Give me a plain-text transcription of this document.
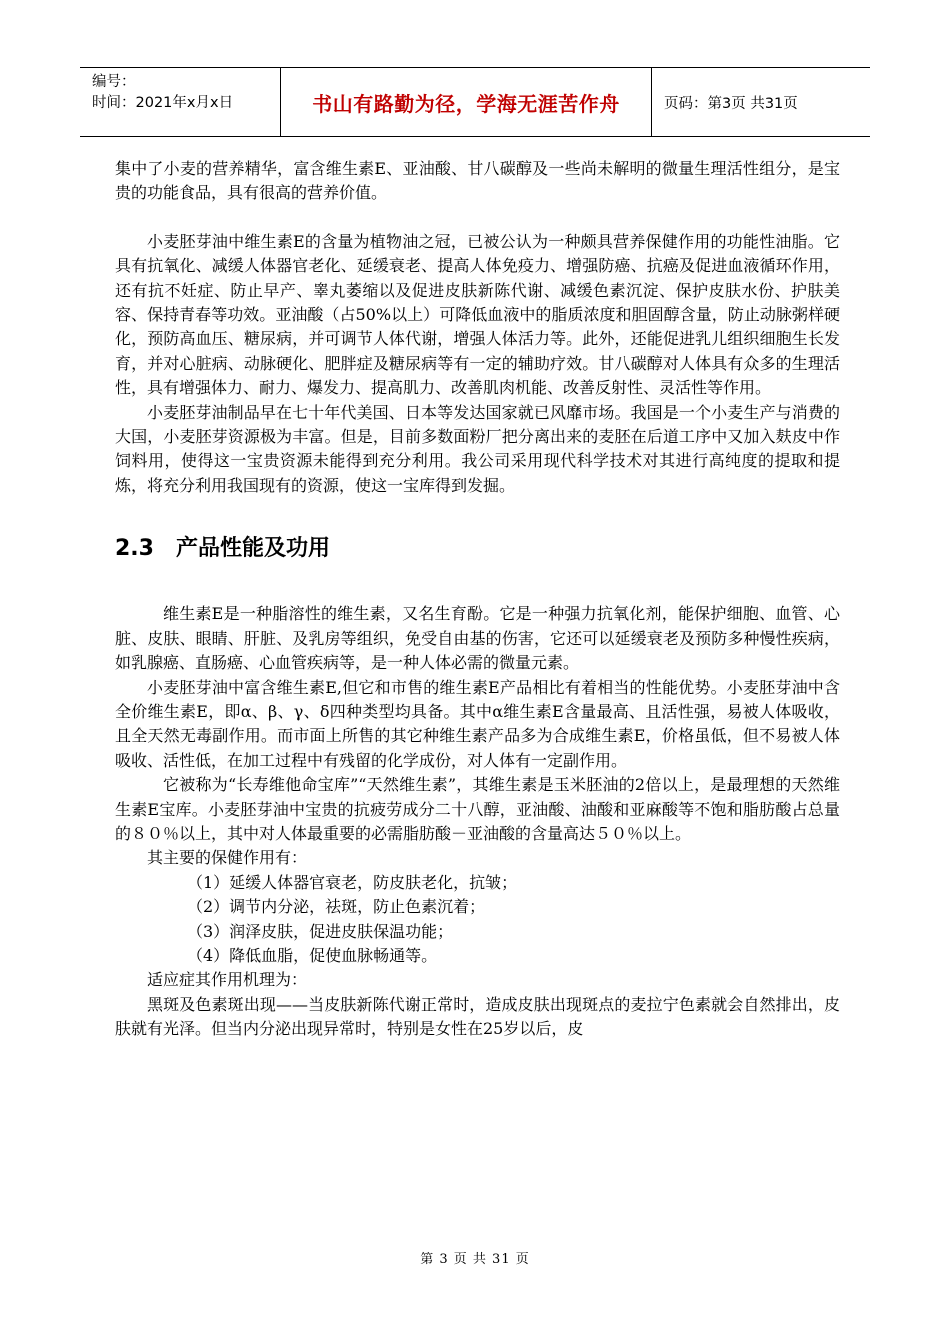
编号：
时间：2021年x月x日	书山有路勤为径，学海无涯苦作舟	页码：第3页 共31页

集中了小麦的营养精华，富含维生素E、亚油酸、甘八碳醇及一些尚未解明的微量生理活性组分，是宝贵的功能食品，具有很高的营养价值。

小麦胚芽油中维生素E的含量为植物油之冠，已被公认为一种颇具营养保健作用的功能性油脂。它具有抗氧化、减缓人体器官老化、延缓衰老、提高人体免疫力、增强防癌、抗癌及促进血液循环作用，还有抗不妊症、防止早产、睾丸萎缩以及促进皮肤新陈代谢、减缓色素沉淀、保护皮肤水份、护肤美容、保持青春等功效。亚油酸（占50%以上）可降低血液中的脂质浓度和胆固醇含量，防止动脉粥样硬化，预防高血压、糖尿病，并可调节人体代谢，增强人体活力等。此外，还能促进乳儿组织细胞生长发育，并对心脏病、动脉硬化、肥胖症及糖尿病等有一定的辅助疗效。甘八碳醇对人体具有众多的生理活性，具有增强体力、耐力、爆发力、提高肌力、改善肌肉机能、改善反射性、灵活性等作用。

小麦胚芽油制品早在七十年代美国、日本等发达国家就已风靡市场。我国是一个小麦生产与消费的大国，小麦胚芽资源极为丰富。但是，目前多数面粉厂把分离出来的麦胚在后道工序中又加入麸皮中作饲料用，使得这一宝贵资源未能得到充分利用。我公司采用现代科学技术对其进行高纯度的提取和提炼，将充分利用我国现有的资源，使这一宝库得到发掘。

2.3 产品性能及功用

维生素E是一种脂溶性的维生素，又名生育酚。它是一种强力抗氧化剂，能保护细胞、血管、心脏、皮肤、眼睛、肝脏、及乳房等组织，免受自由基的伤害，它还可以延缓衰老及预防多种慢性疾病，如乳腺癌、直肠癌、心血管疾病等，是一种人体必需的微量元素。

小麦胚芽油中富含维生素E,但它和市售的维生素E产品相比有着相当的性能优势。小麦胚芽油中含全价维生素E，即α、β、γ、δ四种类型均具备。其中α维生素E含量最高、且活性强，易被人体吸收，且全天然无毒副作用。而市面上所售的其它种维生素产品多为合成维生素E，价格虽低，但不易被人体吸收、活性低，在加工过程中有残留的化学成份，对人体有一定副作用。

它被称为“长寿维他命宝库”“天然维生素”，其维生素是玉米胚油的2倍以上，是最理想的天然维生素E宝库。小麦胚芽油中宝贵的抗疲劳成分二十八醇，亚油酸、油酸和亚麻酸等不饱和脂肪酸占总量的８０％以上，其中对人体最重要的必需脂肪酸－亚油酸的含量高达５０％以上。

其主要的保健作用有：

（1）延缓人体器官衰老，防皮肤老化，抗皱；

（2）调节内分泌，祛斑，防止色素沉着；

（3）润泽皮肤，促进皮肤保温功能；

（4）降低血脂，促使血脉畅通等。

适应症其作用机理为：

黑斑及色素斑出现——当皮肤新陈代谢正常时，造成皮肤出现斑点的麦拉宁色素就会自然排出，皮肤就有光泽。但当内分泌出现异常时，特别是女性在25岁以后，皮

第 3 页 共 31 页
